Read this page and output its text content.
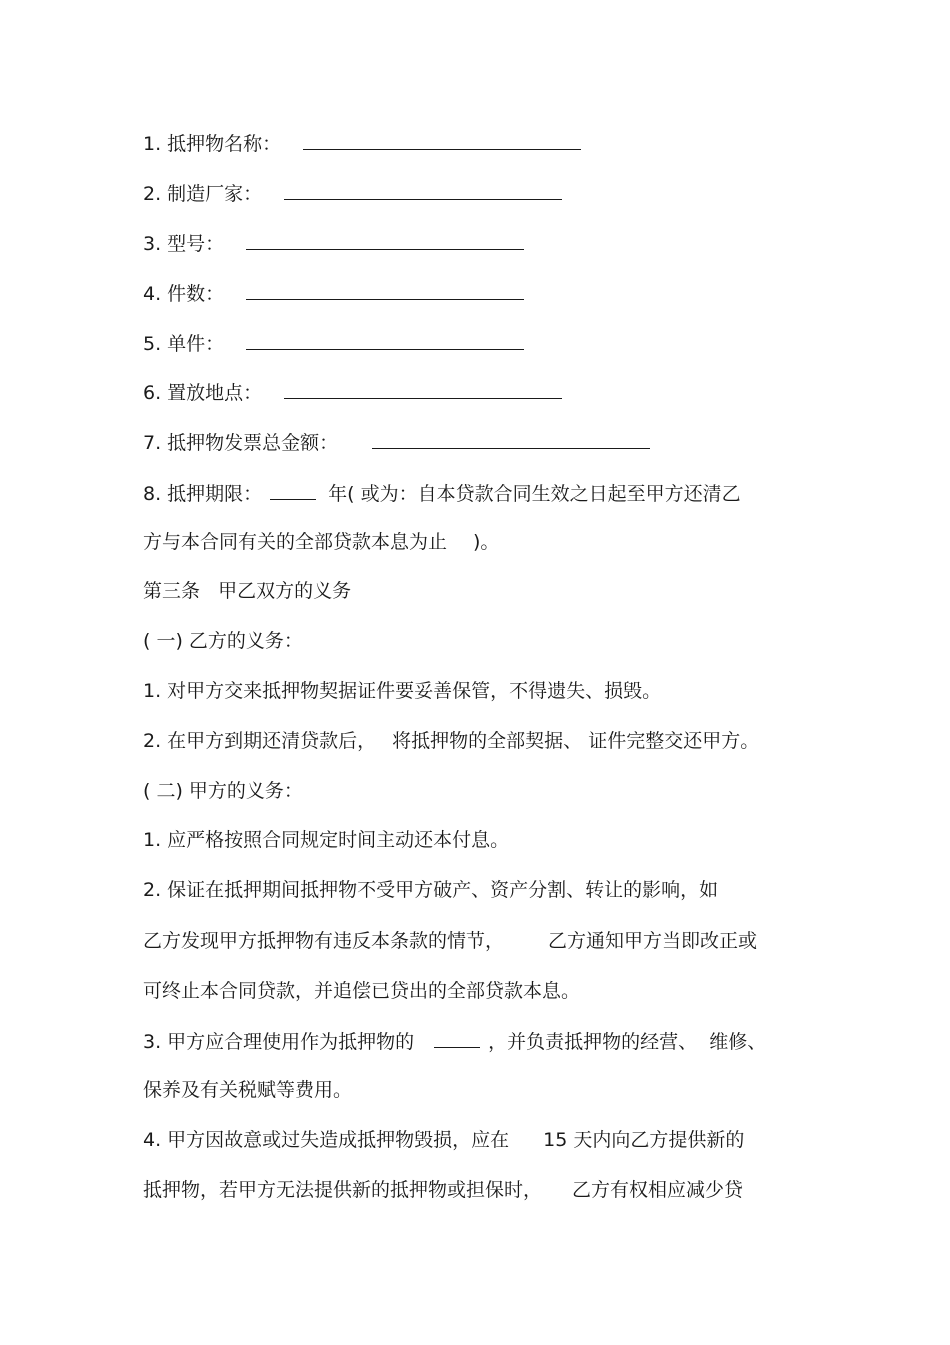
1. 抵押物名称：
2. 制造厂家：
3. 型号：
4. 件数：
5. 单件：
6. 置放地点：
7. 抵押物发票总金额：
8. 抵押期限：	年( 或为：自本贷款合同生效之日起至甲方还清乙
方与本合同有关的全部贷款本息为止 )。
第三条   甲乙双方的义务
( 一) 乙方的义务：
1. 对甲方交来抵押物契据证件要妥善保管，不得遗失、损毁。
2. 在甲方到期还清贷款后， 将抵押物的全部契据、 证件完整交还甲方。
( 二) 甲方的义务：
1. 应严格按照合同规定时间主动还本付息。
2. 保证在抵押期间抵押物不受甲方破产、资产分割、转让的影响，如
乙方发现甲方抵押物有违反本条款的情节， 乙方通知甲方当即改正或
可终止本合同贷款，并追偿已贷出的全部贷款本息。
3. 甲方应合理使用作为抵押物的	，并负责抵押物的经营、 维修、
保养及有关税赋等费用。
4. 甲方因故意或过失造成抵押物毁损，应在 15 天内向乙方提供新的
抵押物，若甲方无法提供新的抵押物或担保时， 乙方有权相应减少贷
